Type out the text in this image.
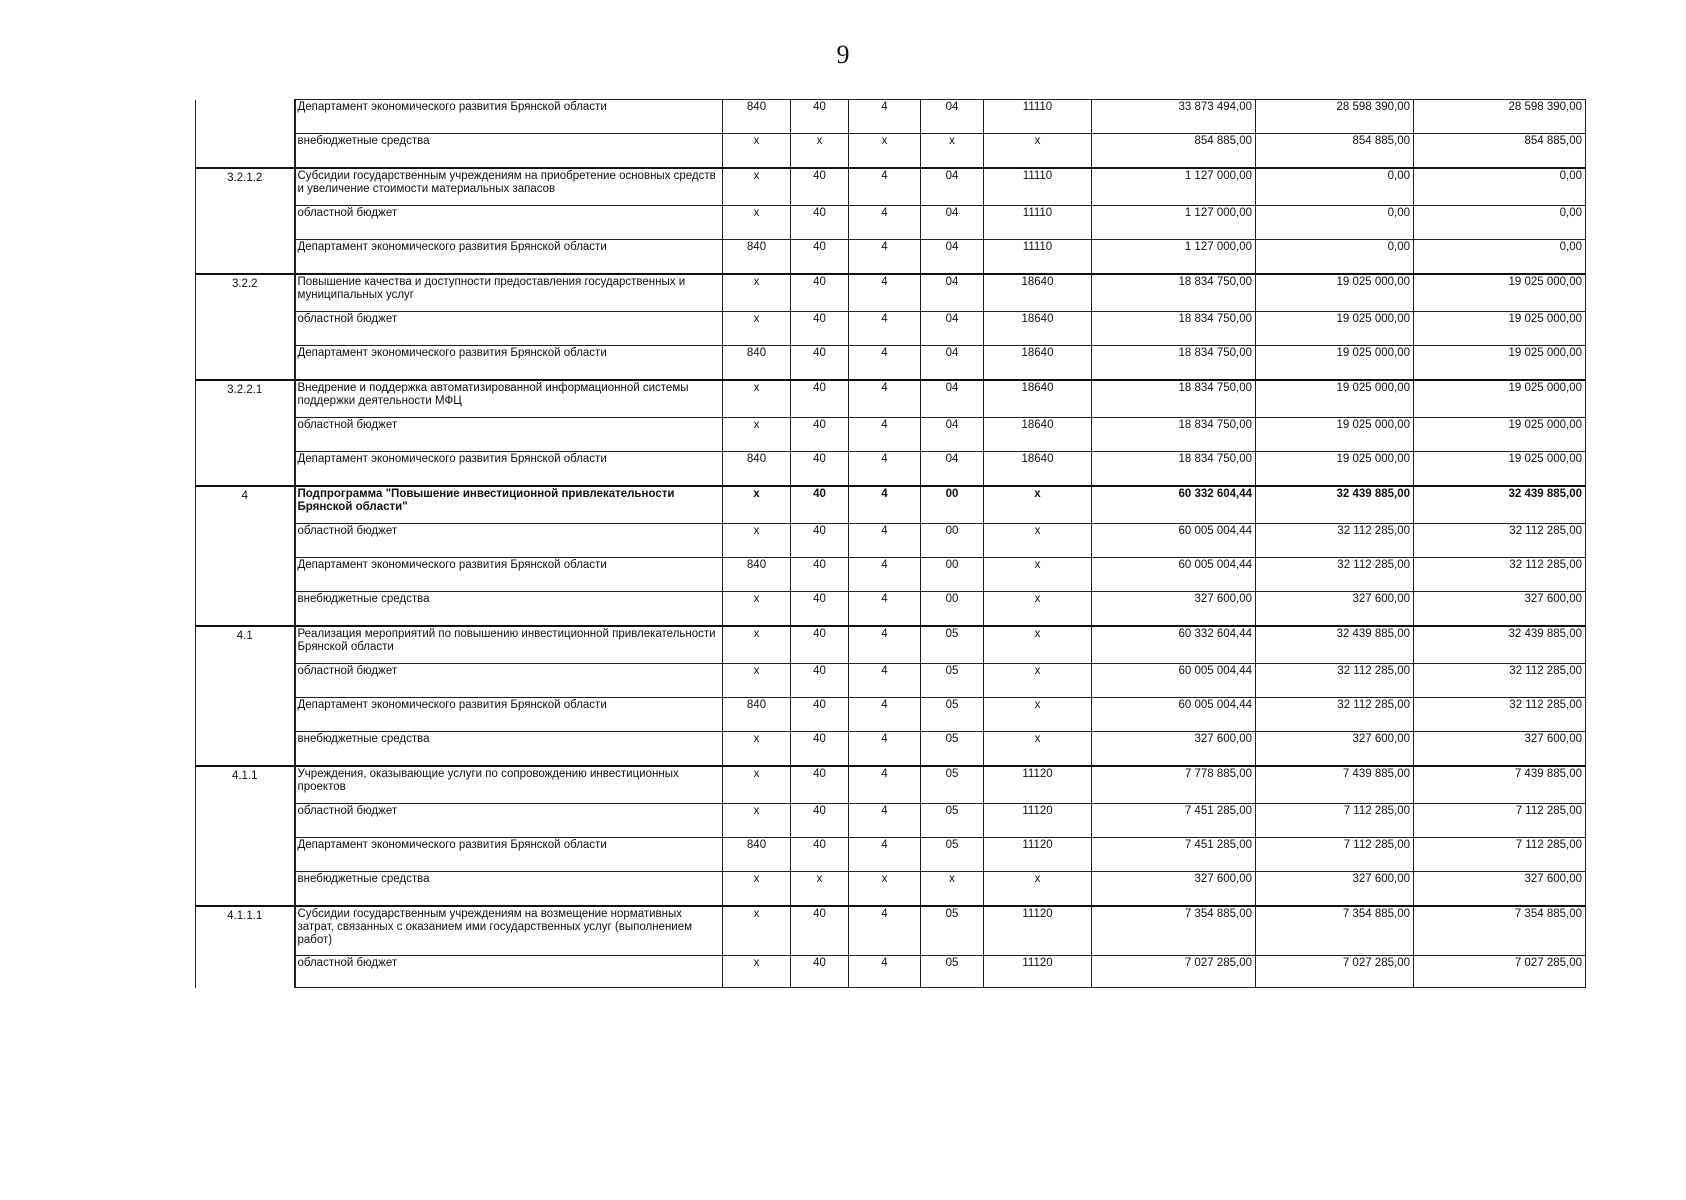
9
	Департамент экономического развития Брянской области	840	40	4	04	11110	33 873 494,00	28 598 390,00	28 598 390,00
	внебюджетные средства	x	x	x	x	x	854 885,00	854 885,00	854 885,00
3.2.1.2	Субсидии государственным учреждениям на приобретение основных средств и увеличение стоимости материальных запасов	x	40	4	04	11110	1 127 000,00	0,00	0,00
	областной бюджет	x	40	4	04	11110	1 127 000,00	0,00	0,00
	Департамент экономического развития Брянской области	840	40	4	04	11110	1 127 000,00	0,00	0,00
3.2.2	Повышение качества и доступности предоставления государственных и муниципальных услуг	x	40	4	04	18640	18 834 750,00	19 025 000,00	19 025 000,00
	областной бюджет	x	40	4	04	18640	18 834 750,00	19 025 000,00	19 025 000,00
	Департамент экономического развития Брянской области	840	40	4	04	18640	18 834 750,00	19 025 000,00	19 025 000,00
3.2.2.1	Внедрение и поддержка автоматизированной информационной системы поддержки деятельности МФЦ	x	40	4	04	18640	18 834 750,00	19 025 000,00	19 025 000,00
	областной бюджет	x	40	4	04	18640	18 834 750,00	19 025 000,00	19 025 000,00
	Департамент экономического развития Брянской области	840	40	4	04	18640	18 834 750,00	19 025 000,00	19 025 000,00
4	Подпрограмма "Повышение инвестиционной привлекательности Брянской области"	x	40	4	00	x	60 332 604,44	32 439 885,00	32 439 885,00
	областной бюджет	x	40	4	00	x	60 005 004,44	32 112 285,00	32 112 285,00
	Департамент экономического развития Брянской области	840	40	4	00	x	60 005 004,44	32 112 285,00	32 112 285,00
	внебюджетные средства	x	40	4	00	x	327 600,00	327 600,00	327 600,00
4.1	Реализация мероприятий по повышению инвестиционной привлекательности Брянской области	x	40	4	05	x	60 332 604,44	32 439 885,00	32 439 885,00
	областной бюджет	x	40	4	05	x	60 005 004,44	32 112 285,00	32 112 285,00
	Департамент экономического развития Брянской области	840	40	4	05	x	60 005 004,44	32 112 285,00	32 112 285,00
	внебюджетные средства	x	40	4	05	x	327 600,00	327 600,00	327 600,00
4.1.1	Учреждения, оказывающие услуги по сопровождению инвестиционных проектов	x	40	4	05	11120	7 778 885,00	7 439 885,00	7 439 885,00
	областной бюджет	x	40	4	05	11120	7 451 285,00	7 112 285,00	7 112 285,00
	Департамент экономического развития Брянской области	840	40	4	05	11120	7 451 285,00	7 112 285,00	7 112 285,00
	внебюджетные средства	x	x	x	x	x	327 600,00	327 600,00	327 600,00
4.1.1.1	Субсидии государственным учреждениям на возмещение нормативных затрат, связанных с оказанием ими государственных услуг (выполнением работ)	x	40	4	05	11120	7 354 885,00	7 354 885,00	7 354 885,00
	областной бюджет	x	40	4	05	11120	7 027 285,00	7 027 285,00	7 027 285,00
